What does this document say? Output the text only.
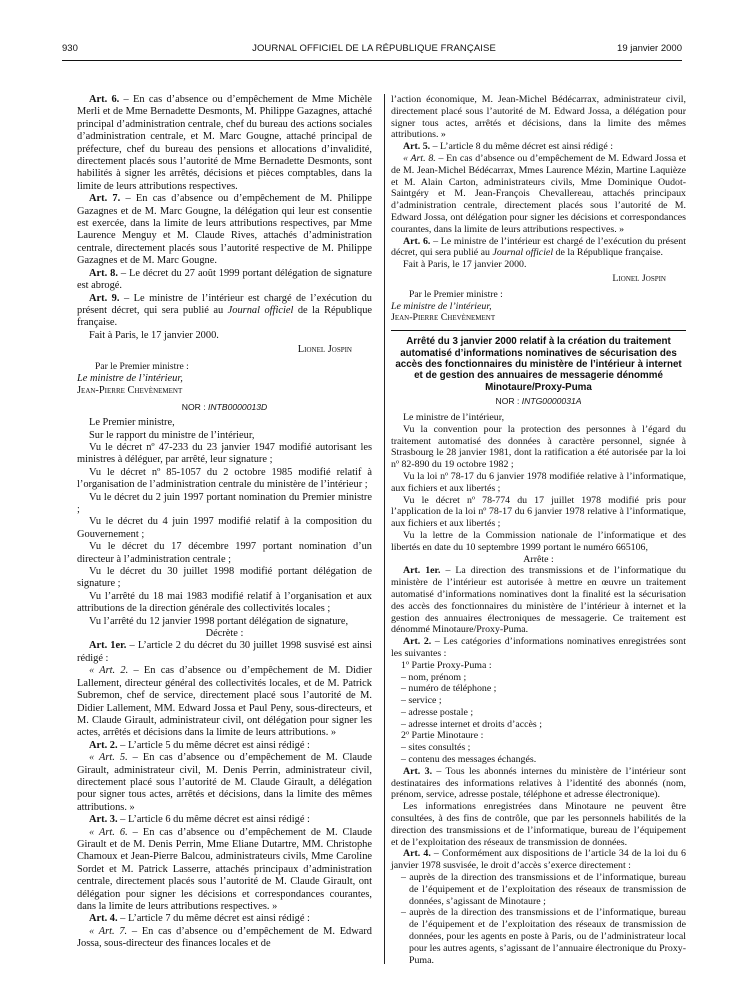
930	JOURNAL OFFICIEL DE LA RÉPUBLIQUE FRANÇAISE	19 janvier 2000

Art. 6. – En cas d’absence ou d’empêchement de Mme Michèle Merli et de Mme Bernadette Desmonts, M. Philippe Gazagnes, attaché principal d’administration centrale, chef du bureau des actions sociales d’administration centrale, et M. Marc Gougne, attaché principal de préfecture, chef du bureau des pensions et allocations d’invalidité, directement placés sous l’autorité de Mme Bernadette Desmonts, sont habilités à signer les arrêtés, décisions et pièces comptables, dans la limite de leurs attributions respectives.

Art. 7. – En cas d’absence ou d’empêchement de M. Philippe Gazagnes et de M. Marc Gougne, la délégation qui leur est consentie est exercée, dans la limite de leurs attributions respectives, par Mme Laurence Menguy et M. Claude Rives, attachés d’administration centrale, directement placés sous l’autorité respective de M. Philippe Gazagnes et de M. Marc Gougne.

Art. 8. – Le décret du 27 août 1999 portant délégation de signature est abrogé.

Art. 9. – Le ministre de l’intérieur est chargé de l’exécution du présent décret, qui sera publié au Journal officiel de la République française.

Fait à Paris, le 17 janvier 2000.

Lionel Jospin

Par le Premier ministre :

Le ministre de l’intérieur,

Jean-Pierre Chevènement

NOR : INTB0000013D

Le Premier ministre,

Sur le rapport du ministre de l’intérieur,

Vu le décret nº 47-233 du 23 janvier 1947 modifié autorisant les ministres à déléguer, par arrêté, leur signature ;

Vu le décret nº 85-1057 du 2 octobre 1985 modifié relatif à l’organisation de l’administration centrale du ministère de l’intérieur ;

Vu le décret du 2 juin 1997 portant nomination du Premier ministre ;

Vu le décret du 4 juin 1997 modifié relatif à la composition du Gouvernement ;

Vu le décret du 17 décembre 1997 portant nomination d’un directeur à l’administration centrale ;

Vu le décret du 30 juillet 1998 modifié portant délégation de signature ;

Vu l’arrêté du 18 mai 1983 modifié relatif à l’organisation et aux attributions de la direction générale des collectivités locales ;

Vu l’arrêté du 12 janvier 1998 portant délégation de signature,

Décrète :

Art. 1er. – L’article 2 du décret du 30 juillet 1998 susvisé est ainsi rédigé :

« Art. 2. – En cas d’absence ou d’empêchement de M. Didier Lallement, directeur général des collectivités locales, et de M. Patrick Subremon, chef de service, directement placé sous l’autorité de M. Didier Lallement, MM. Edward Jossa et Paul Peny, sous-directeurs, et M. Claude Girault, administrateur civil, ont délégation pour signer les actes, arrêtés et décisions dans la limite de leurs attributions. »

Art. 2. – L’article 5 du même décret est ainsi rédigé :

« Art. 5. – En cas d’absence ou d’empêchement de M. Claude Girault, administrateur civil, M. Denis Perrin, administrateur civil, directement placé sous l’autorité de M. Claude Girault, a délégation pour signer tous actes, arrêtés et décisions, dans la limite des mêmes attributions. »

Art. 3. – L’article 6 du même décret est ainsi rédigé :

« Art. 6. – En cas d’absence ou d’empêchement de M. Claude Girault et de M. Denis Perrin, Mme Eliane Dutartre, MM. Christophe Chamoux et Jean-Pierre Balcou, administrateurs civils, Mme Caroline Sordet et M. Patrick Lasserre, attachés principaux d’administration centrale, directement placés sous l’autorité de M. Claude Girault, ont délégation pour signer les décisions et correspondances courantes, dans la limite de leurs attributions respectives. »

Art. 4. – L’article 7 du même décret est ainsi rédigé :

« Art. 7. – En cas d’absence ou d’empêchement de M. Edward Jossa, sous-directeur des finances locales et de

l’action économique, M. Jean-Michel Bédécarrax, administrateur civil, directement placé sous l’autorité de M. Edward Jossa, a délégation pour signer tous actes, arrêtés et décisions, dans la limite des mêmes attributions. »

Art. 5. – L’article 8 du même décret est ainsi rédigé :

« Art. 8. – En cas d’absence ou d’empêchement de M. Edward Jossa et de M. Jean-Michel Bédécarrax, Mmes Laurence Mézin, Martine Laquièze et M. Alain Carton, administrateurs civils, Mme Dominique Oudot-Saintgéry et M. Jean-François Chevallereau, attachés principaux d’administration centrale, directement placés sous l’autorité de M. Edward Jossa, ont délégation pour signer les décisions et correspondances courantes, dans la limite de leurs attributions respectives. »

Art. 6. – Le ministre de l’intérieur est chargé de l’exécution du présent décret, qui sera publié au Journal officiel de la République française.

Fait à Paris, le 17 janvier 2000.

Lionel Jospin

Par le Premier ministre :

Le ministre de l’intérieur,

Jean-Pierre Chevènement

Arrêté du 3 janvier 2000 relatif à la création du traitement automatisé d’informations nominatives de sécurisation des accès des fonctionnaires du ministère de l’intérieur à internet et de gestion des annuaires de messagerie dénommé Minotaure/Proxy-Puma

NOR : INTG0000031A

Le ministre de l’intérieur,

Vu la convention pour la protection des personnes à l’égard du traitement automatisé des données à caractère personnel, signée à Strasbourg le 28 janvier 1981, dont la ratification a été autorisée par la loi nº 82-890 du 19 octobre 1982 ;

Vu la loi nº 78-17 du 6 janvier 1978 modifiée relative à l’informatique, aux fichiers et aux libertés ;

Vu le décret nº 78-774 du 17 juillet 1978 modifié pris pour l’application de la loi nº 78-17 du 6 janvier 1978 relative à l’informatique, aux fichiers et aux libertés ;

Vu la lettre de la Commission nationale de l’informatique et des libertés en date du 10 septembre 1999 portant le numéro 665106,

Arrête :

Art. 1er. – La direction des transmissions et de l’informatique du ministère de l’intérieur est autorisée à mettre en œuvre un traitement automatisé d’informations nominatives dont la finalité est la sécurisation des accès des fonctionnaires du ministère de l’intérieur à internet et la gestion des annuaires électroniques de messagerie. Ce traitement est dénommé Minotaure/Proxy-Puma.

Art. 2. – Les catégories d’informations nominatives enregistrées sont les suivantes :

1º Partie Proxy-Puma :

– nom, prénom ;

– numéro de téléphone ;

– service ;

– adresse postale ;

– adresse internet et droits d’accès ;

2º Partie Minotaure :

– sites consultés ;

– contenu des messages échangés.

Art. 3. – Tous les abonnés internes du ministère de l’intérieur sont destinataires des informations relatives à l’identité des abonnés (nom, prénom, service, adresse postale, téléphone et adresse électronique).

Les informations enregistrées dans Minotaure ne peuvent être consultées, à des fins de contrôle, que par les personnels habilités de la direction des transmissions et de l’informatique, bureau de l’équipement et de l’exploitation des réseaux de transmission de données.

Art. 4. – Conformément aux dispositions de l’article 34 de la loi du 6 janvier 1978 susvisée, le droit d’accès s’exerce directement :

– auprès de la direction des transmissions et de l’informatique, bureau de l’équipement et de l’exploitation des réseaux de transmission de données, s’agissant de Minotaure ;

– auprès de la direction des transmissions et de l’informatique, bureau de l’équipement et de l’exploitation des réseaux de transmission de données, pour les agents en poste à Paris, ou de l’administrateur local pour les autres agents, s’agissant de l’annuaire électronique du Proxy-Puma.
